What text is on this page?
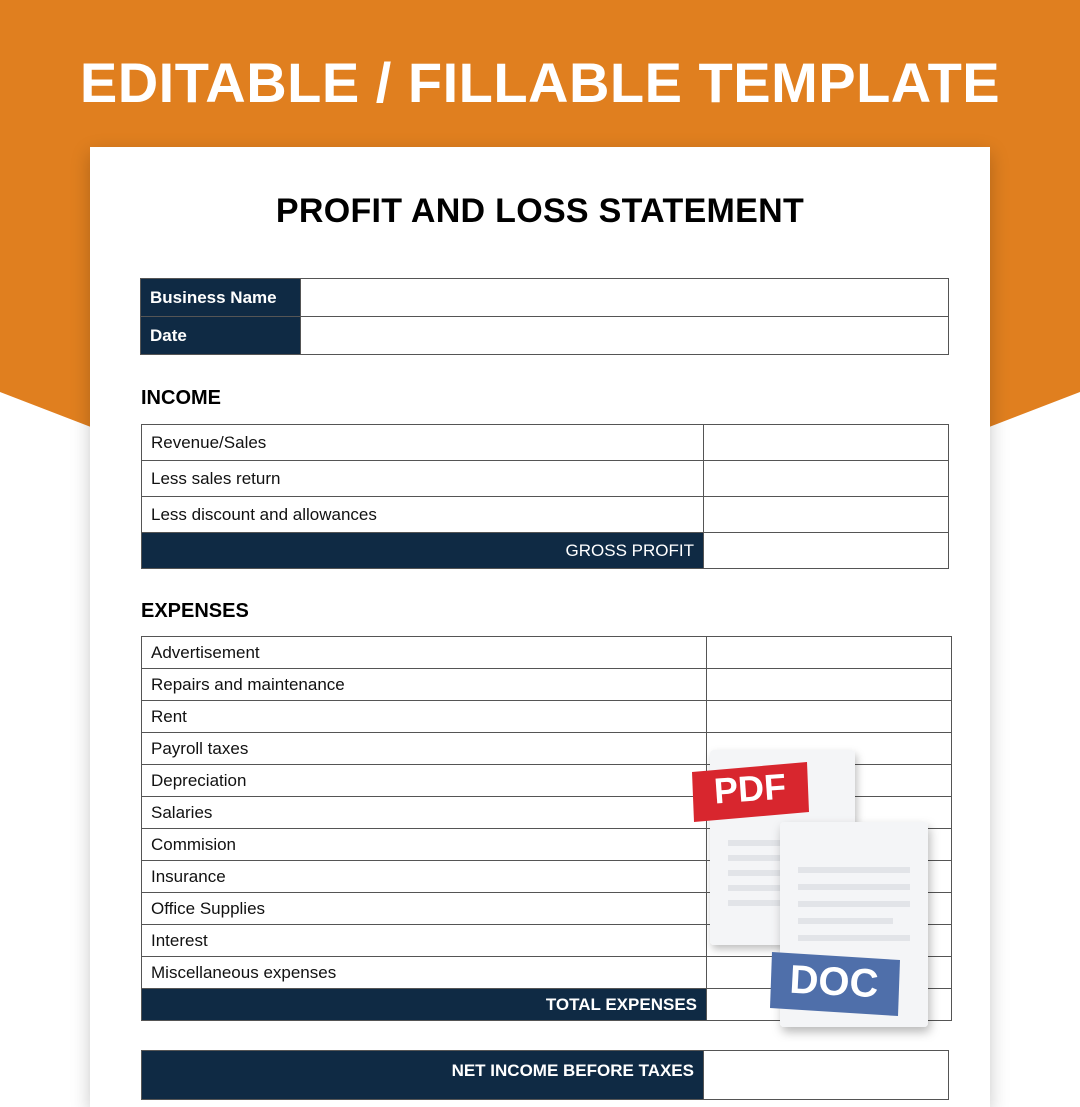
EDITABLE / FILLABLE TEMPLATE
PROFIT AND LOSS STATEMENT
Business Name	
Date	
INCOME
Revenue/Sales	
Less sales return	
Less discount and allowances	
GROSS PROFIT	
EXPENSES
Advertisement	
Repairs and maintenance	
Rent	
Payroll taxes	
Depreciation	
Salaries	
Commision	
Insurance	
Office Supplies	
Interest	
Miscellaneous expenses	
TOTAL EXPENSES	
NET INCOME BEFORE TAXES	
PDF
DOC
